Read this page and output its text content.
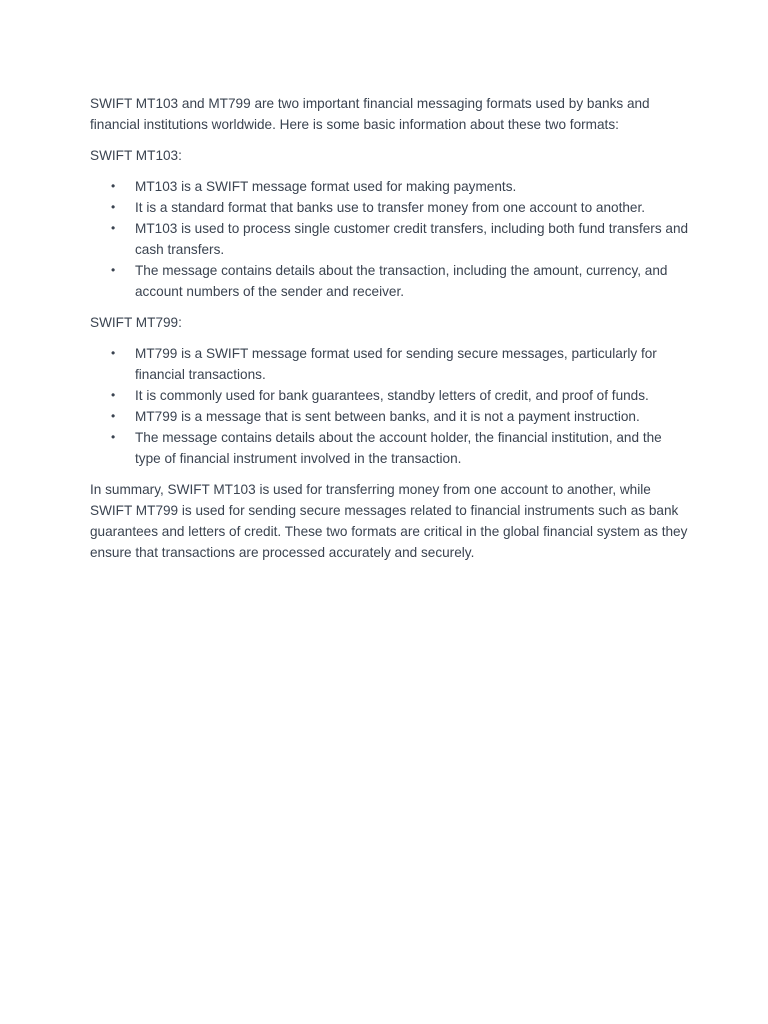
SWIFT MT103 and MT799 are two important financial messaging formats used by banks and financial institutions worldwide. Here is some basic information about these two formats:

SWIFT MT103:

• MT103 is a SWIFT message format used for making payments.
• It is a standard format that banks use to transfer money from one account to another.
• MT103 is used to process single customer credit transfers, including both fund transfers and cash transfers.
• The message contains details about the transaction, including the amount, currency, and account numbers of the sender and receiver.

SWIFT MT799:

• MT799 is a SWIFT message format used for sending secure messages, particularly for financial transactions.
• It is commonly used for bank guarantees, standby letters of credit, and proof of funds.
• MT799 is a message that is sent between banks, and it is not a payment instruction.
• The message contains details about the account holder, the financial institution, and the type of financial instrument involved in the transaction.

In summary, SWIFT MT103 is used for transferring money from one account to another, while SWIFT MT799 is used for sending secure messages related to financial instruments such as bank guarantees and letters of credit. These two formats are critical in the global financial system as they ensure that transactions are processed accurately and securely.
